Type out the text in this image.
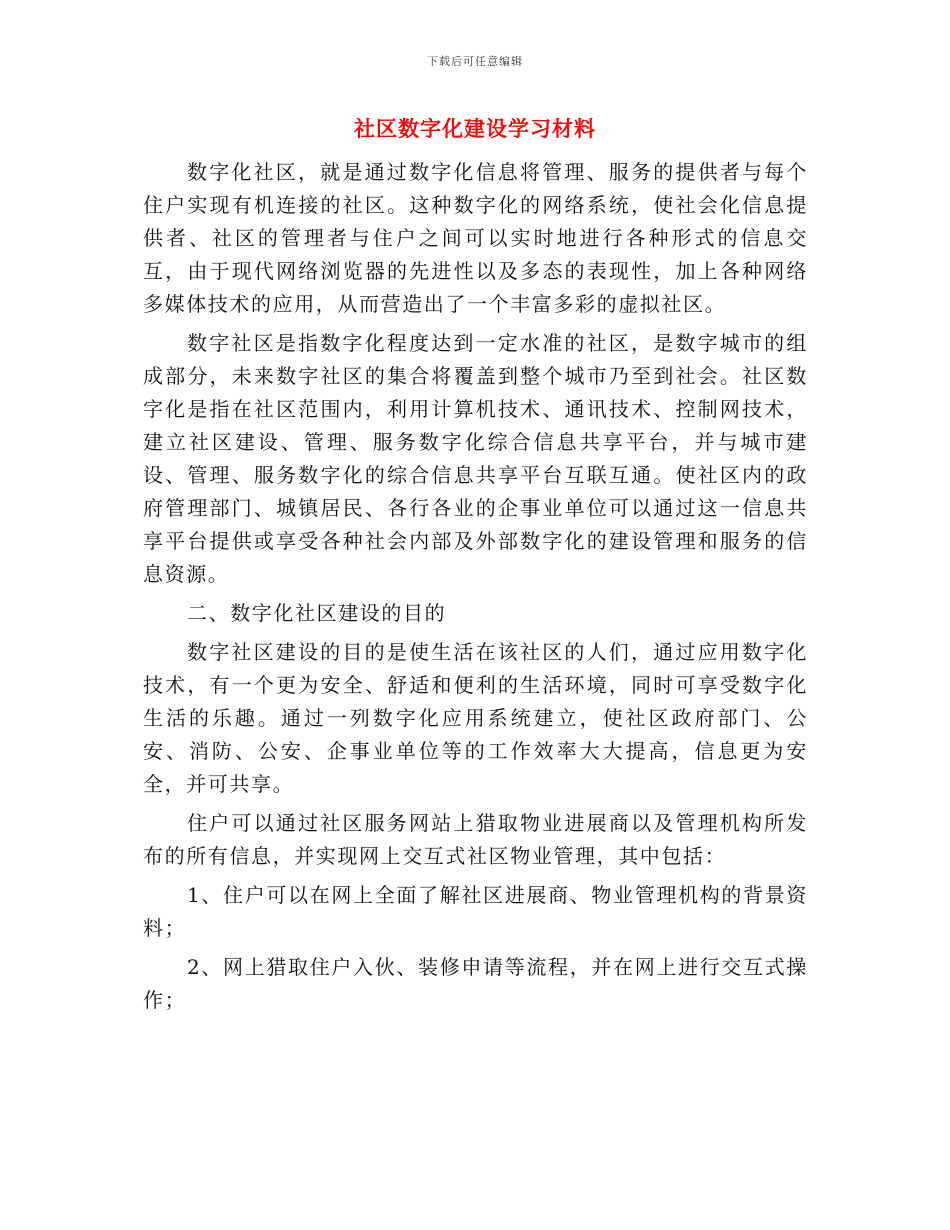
下载后可任意编辑
社区数字化建设学习材料

数字化社区，就是通过数字化信息将管理、服务的提供者与每个住户实现有机连接的社区。这种数字化的网络系统，使社会化信息提供者、社区的管理者与住户之间可以实时地进行各种形式的信息交互，由于现代网络浏览器的先进性以及多态的表现性，加上各种网络多媒体技术的应用，从而营造出了一个丰富多彩的虚拟社区。

数字社区是指数字化程度达到一定水准的社区，是数字城市的组成部分，未来数字社区的集合将覆盖到整个城市乃至到社会。社区数字化是指在社区范围内，利用计算机技术、通讯技术、控制网技术，建立社区建设、管理、服务数字化综合信息共享平台，并与城市建设、管理、服务数字化的综合信息共享平台互联互通。使社区内的政府管理部门、城镇居民、各行各业的企事业单位可以通过这一信息共享平台提供或享受各种社会内部及外部数字化的建设管理和服务的信息资源。

二、数字化社区建设的目的

数字社区建设的目的是使生活在该社区的人们，通过应用数字化技术，有一个更为安全、舒适和便利的生活环境，同时可享受数字化生活的乐趣。通过一列数字化应用系统建立，使社区政府部门、公安、消防、公安、企事业单位等的工作效率大大提高，信息更为安全，并可共享。

住户可以通过社区服务网站上猎取物业进展商以及管理机构所发布的所有信息，并实现网上交互式社区物业管理，其中包括：

1、住户可以在网上全面了解社区进展商、物业管理机构的背景资料；

2、网上猎取住户入伙、装修申请等流程，并在网上进行交互式操作；
